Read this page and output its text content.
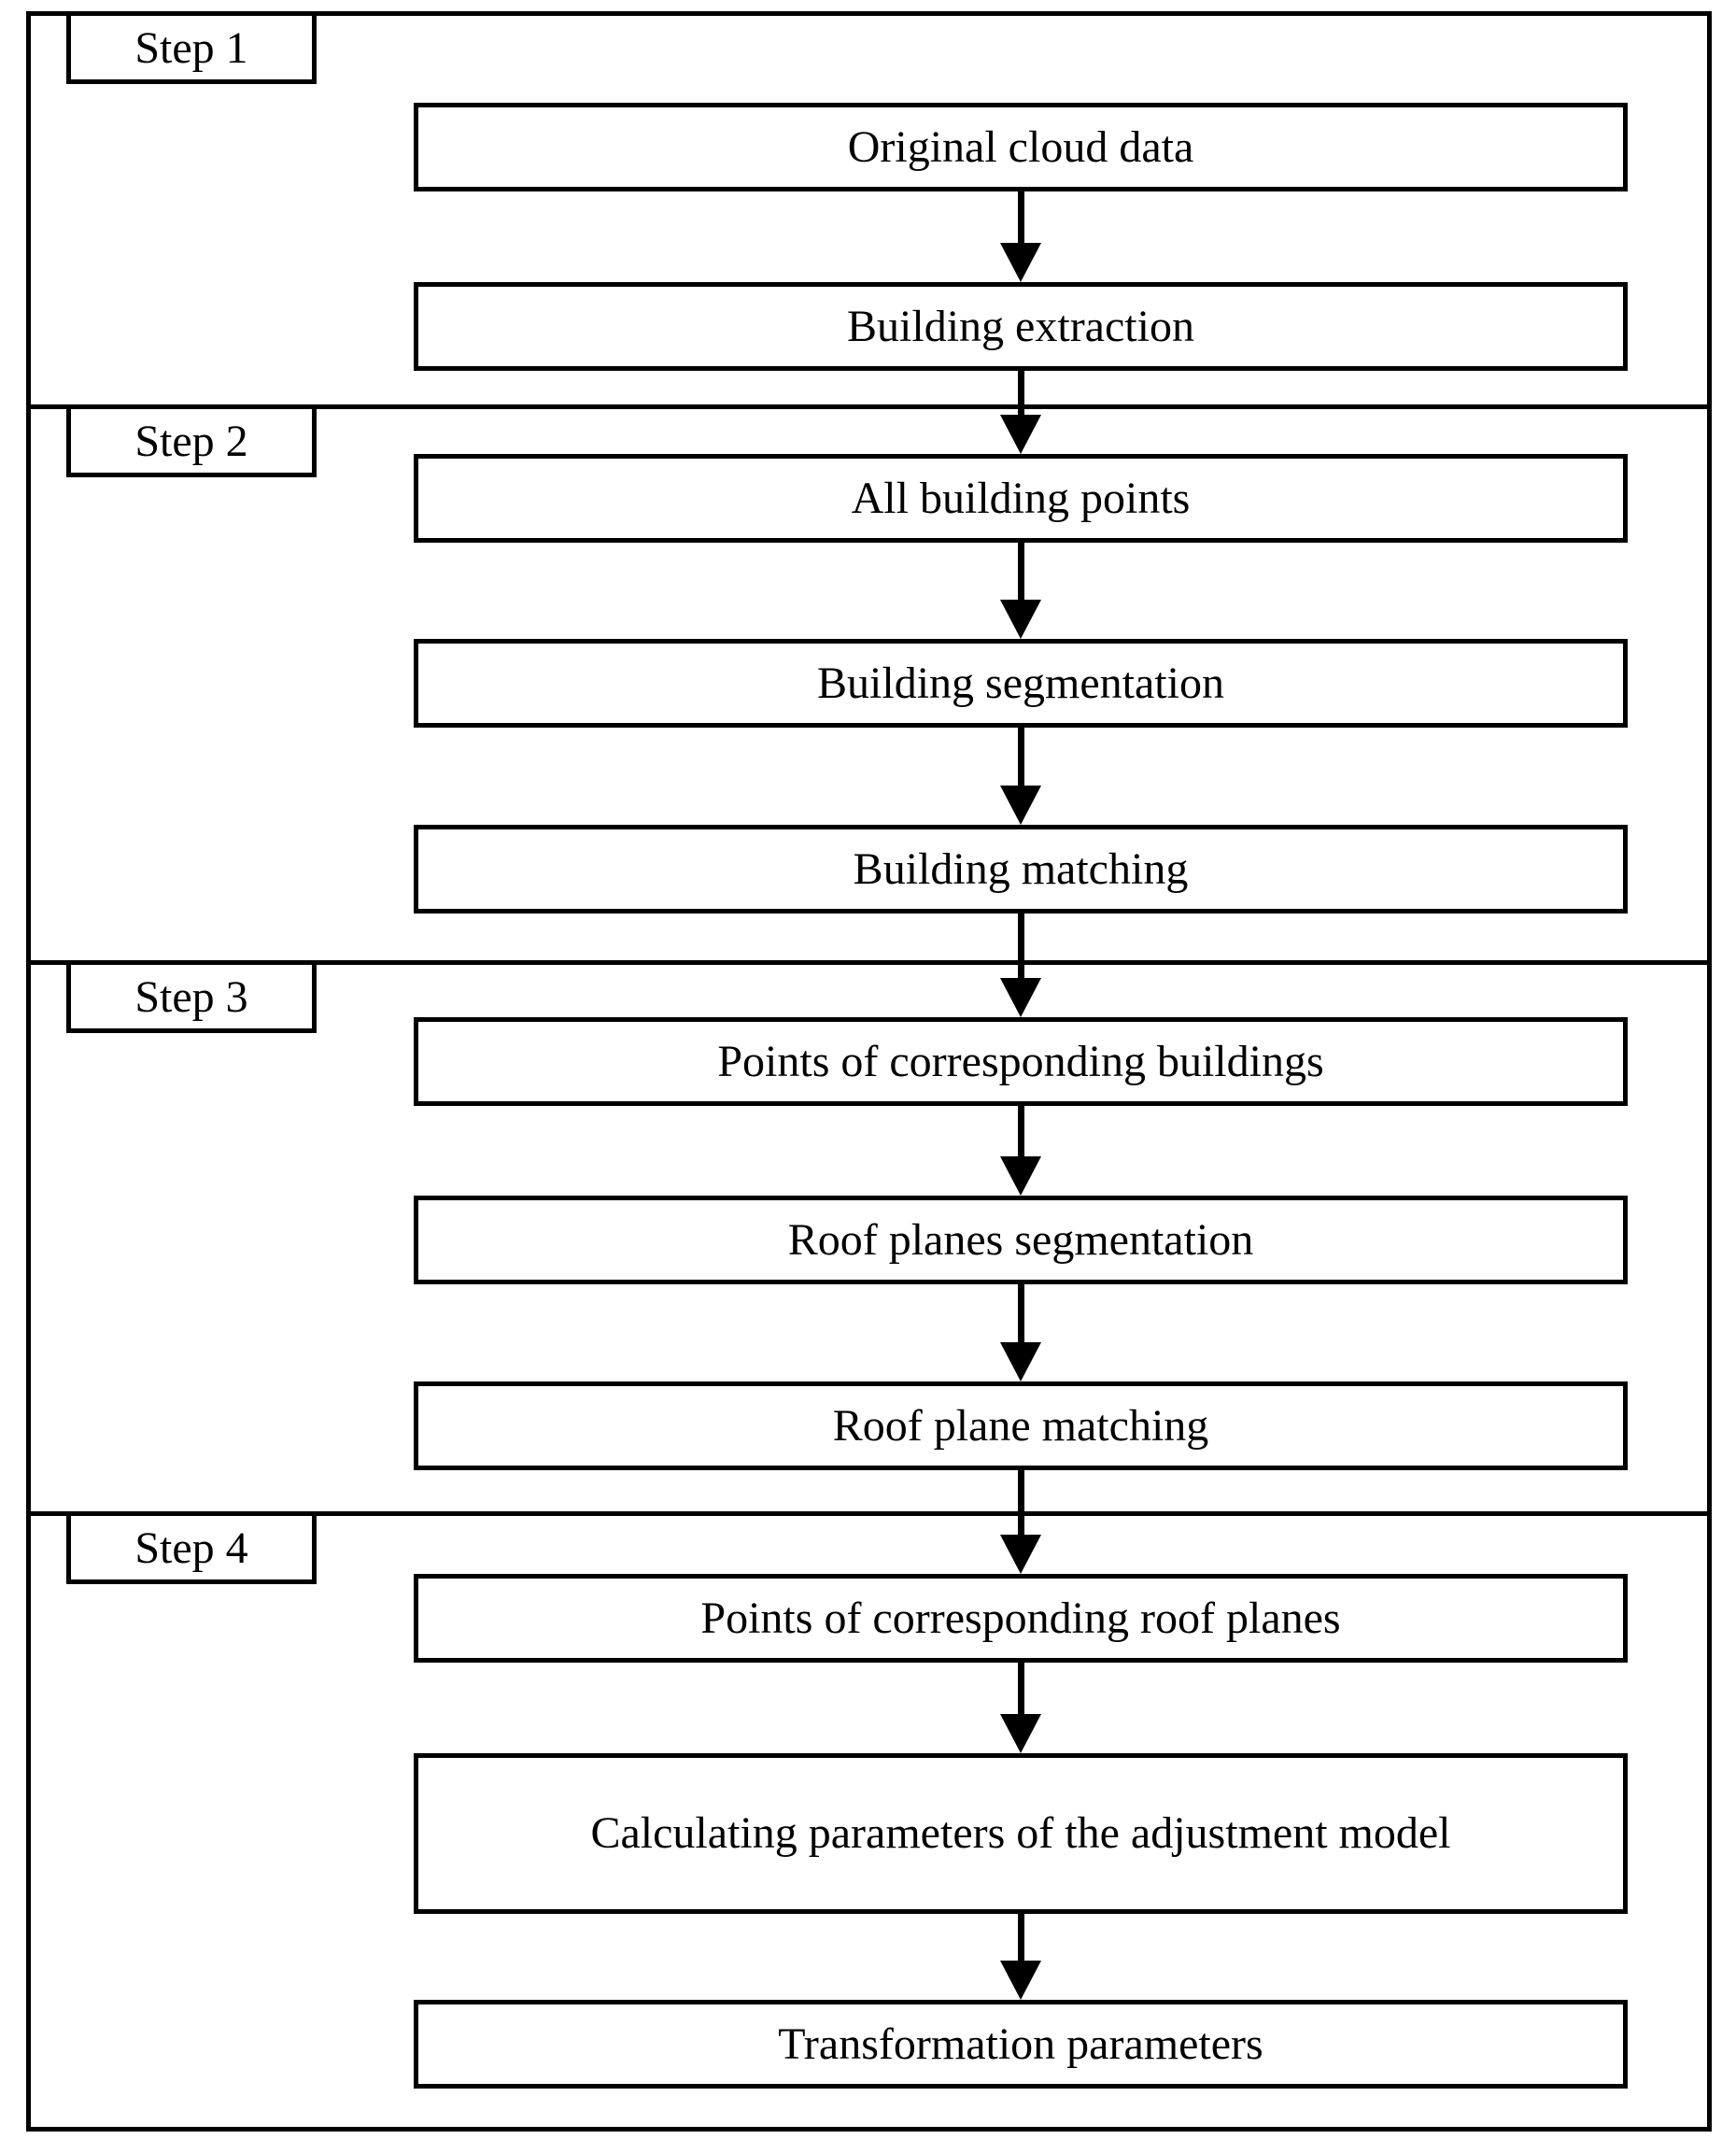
Step 1
Step 2
Step 3
Step 4
Original cloud data
Building extraction
All building points
Building segmentation
Building matching
Points of corresponding buildings
Roof planes segmentation
Roof plane matching
Points of corresponding roof planes
Calculating parameters of the adjustment model
Transformation parameters
